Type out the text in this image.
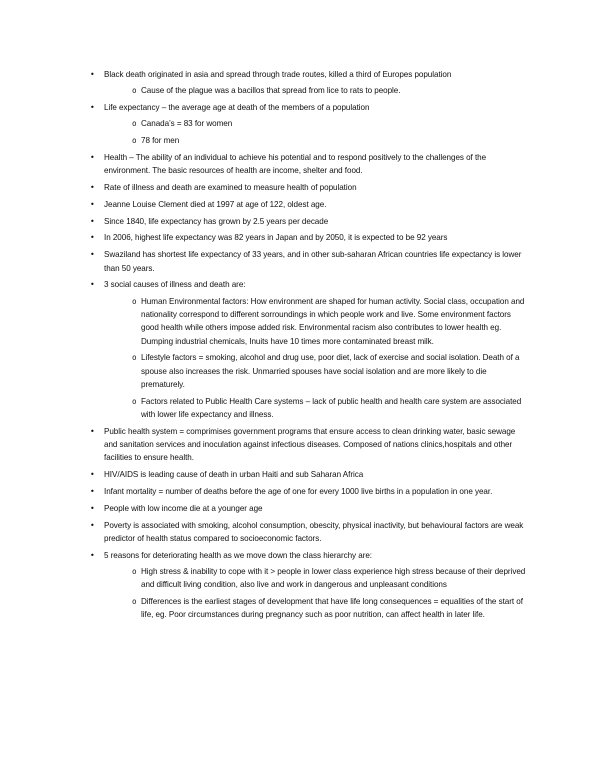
•	Black death originated in asia and spread through trade routes, killed a third of Europes population
o Cause of the plague was a bacillos that spread from lice to rats to people.
•	Life expectancy – the average age at death of the members of a population
o Canada’s = 83 for women
o 78 for men
•	Health – The ability of an individual to achieve his potential and to respond positively to the challenges of the environment. The basic resources of health are income, shelter and food.
•	Rate of illness and death are examined to measure health of population
•	Jeanne Louise Clement died at 1997 at age of 122, oldest age.
•	Since 1840, life expectancy has grown by 2.5 years per decade
•	In 2006, highest life expectancy was 82 years in Japan and by 2050, it is expected to be 92 years
•	Swaziland has shortest life expectancy of 33 years, and in other sub-saharan African countries life expectancy is lower than 50 years.
•	3 social causes of illness and death are:
o Human Environmental factors: How environment are shaped for human activity. Social class, occupation and nationality correspond to different sorroundings in which people work and live. Some environment factors good health while others impose added risk. Environmental racism also contributes to lower health eg. Dumping industrial chemicals, Inuits have 10 times more contaminated breast milk.
o Lifestyle factors = smoking, alcohol and drug use, poor diet, lack of exercise and social isolation. Death of a spouse also increases the risk. Unmarried spouses have social isolation and are more likely to die prematurely.
o Factors related to Public Health Care systems – lack of public health and health care system are associated with lower life expectancy and illness.
•	Public health system = comprimises government programs that ensure access to clean drinking water, basic sewage and sanitation services and inoculation against infectious diseases. Composed of nations clinics,hospitals and other facilities to ensure health.
•	HIV/AIDS is leading cause of death in urban Haiti and sub Saharan Africa
•	Infant mortality = number of deaths before the age of one for every 1000 live births in a population in one year.
•	People with low income die at a younger age
•	Poverty is associated with smoking, alcohol consumption, obescity, physical inactivity, but behavioural factors are weak predictor of health status compared to socioeconomic factors.
•	5 reasons for deteriorating health as we move down the class hierarchy are:
o High stress & inability to cope with it > people in lower class experience high stress because of their deprived and difficult living condition, also live and work in dangerous and unpleasant conditions
o Differences is the earliest stages of development that have life long consequences = equalities of the start of life, eg. Poor circumstances during pregnancy such as poor nutrition, can affect health in later life.
